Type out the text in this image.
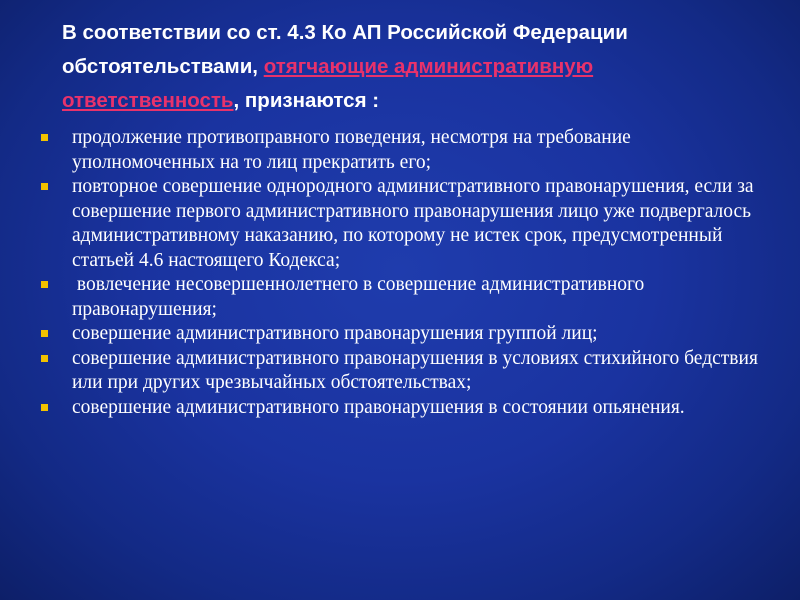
В соответствии со ст. 4.3 Ко АП Российской Федерации обстоятельствами, отягчающие административную ответственность, признаются :
продолжение противоправного поведения, несмотря на требование уполномоченных на то лиц прекратить его;
повторное совершение однородного административного правонарушения, если за совершение первого административного правонарушения лицо уже подвергалось административному наказанию, по которому не истек срок, предусмотренный статьей 4.6 настоящего Кодекса;
вовлечение несовершеннолетнего в совершение административного правонарушения;
совершение административного правонарушения группой лиц;
совершение административного правонарушения в условиях стихийного бедствия или при других чрезвычайных обстоятельствах;
совершение административного правонарушения в состоянии опьянения.
